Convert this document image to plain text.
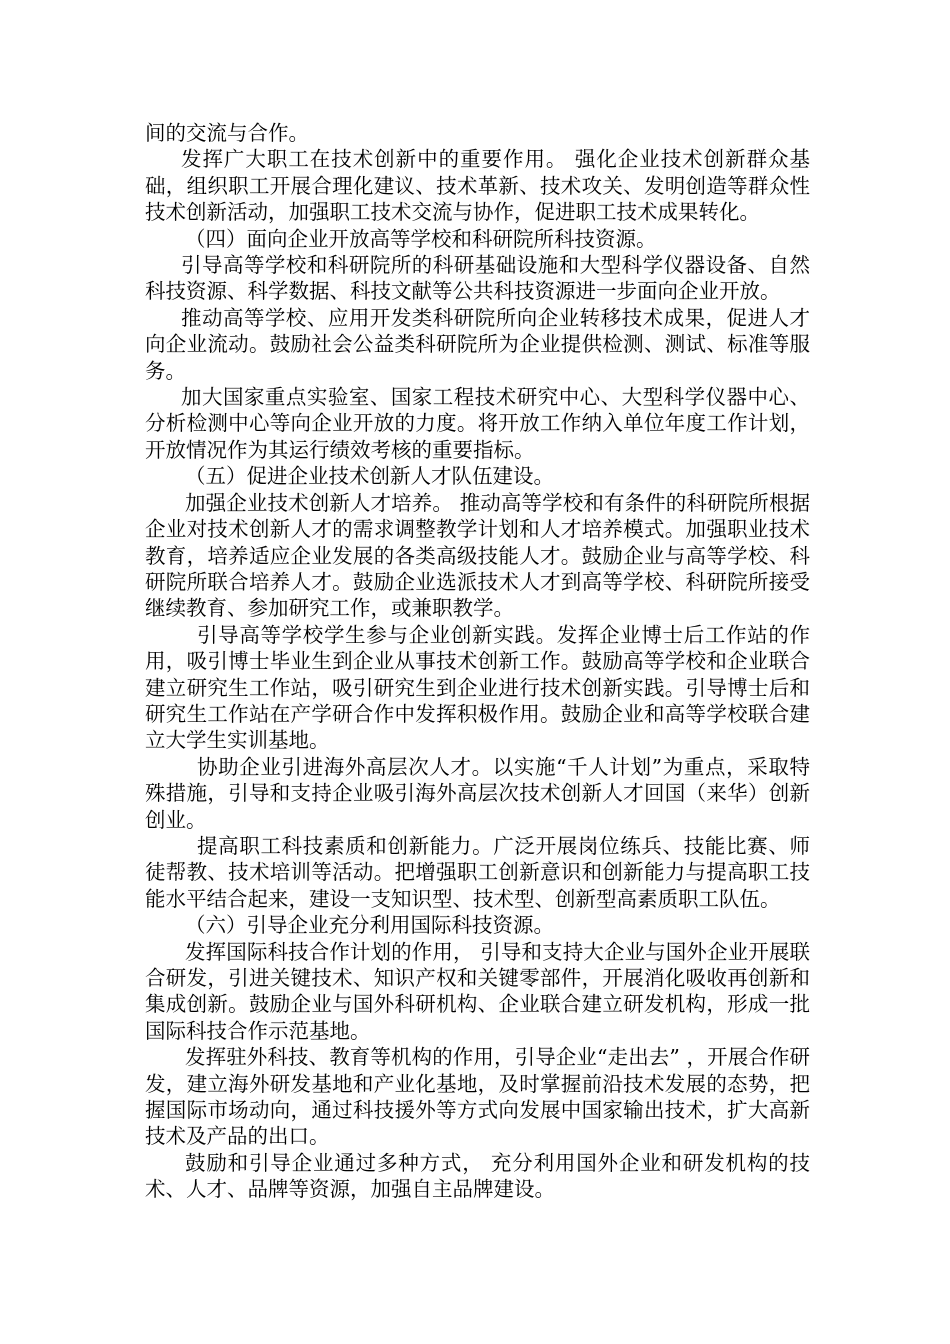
间的交流与合作。

发挥广大职工在技术创新中的重要作用。 强化企业技术创新群众基础，组织职工开展合理化建议、技术革新、技术攻关、发明创造等群众性技术创新活动，加强职工技术交流与协作，促进职工技术成果转化。

（四）面向企业开放高等学校和科研院所科技资源。

引导高等学校和科研院所的科研基础设施和大型科学仪器设备、自然科技资源、科学数据、科技文献等公共科技资源进一步面向企业开放。

推动高等学校、应用开发类科研院所向企业转移技术成果，促进人才向企业流动。鼓励社会公益类科研院所为企业提供检测、测试、标准等服务。

加大国家重点实验室、国家工程技术研究中心、大型科学仪器中心、分析检测中心等向企业开放的力度。将开放工作纳入单位年度工作计划，开放情况作为其运行绩效考核的重要指标。

（五）促进企业技术创新人才队伍建设。

加强企业技术创新人才培养。 推动高等学校和有条件的科研院所根据企业对技术创新人才的需求调整教学计划和人才培养模式。加强职业技术教育，培养适应企业发展的各类高级技能人才。鼓励企业与高等学校、科研院所联合培养人才。鼓励企业选派技术人才到高等学校、科研院所接受继续教育、参加研究工作，或兼职教学。

引导高等学校学生参与企业创新实践。发挥企业博士后工作站的作用，吸引博士毕业生到企业从事技术创新工作。鼓励高等学校和企业联合建立研究生工作站，吸引研究生到企业进行技术创新实践。引导博士后和研究生工作站在产学研合作中发挥积极作用。鼓励企业和高等学校联合建立大学生实训基地。

协助企业引进海外高层次人才。以实施“千人计划”为重点，采取特殊措施，引导和支持企业吸引海外高层次技术创新人才回国（来华）创新创业。

提高职工科技素质和创新能力。广泛开展岗位练兵、技能比赛、师徒帮教、技术培训等活动。把增强职工创新意识和创新能力与提高职工技能水平结合起来，建设一支知识型、技术型、创新型高素质职工队伍。

（六）引导企业充分利用国际科技资源。

发挥国际科技合作计划的作用， 引导和支持大企业与国外企业开展联合研发，引进关键技术、知识产权和关键零部件，开展消化吸收再创新和集成创新。鼓励企业与国外科研机构、企业联合建立研发机构，形成一批国际科技合作示范基地。

发挥驻外科技、教育等机构的作用，引导企业“走出去” ，开展合作研发，建立海外研发基地和产业化基地，及时掌握前沿技术发展的态势，把握国际市场动向，通过科技援外等方式向发展中国家输出技术，扩大高新技术及产品的出口。

鼓励和引导企业通过多种方式， 充分利用国外企业和研发机构的技术、人才、品牌等资源，加强自主品牌建设。
